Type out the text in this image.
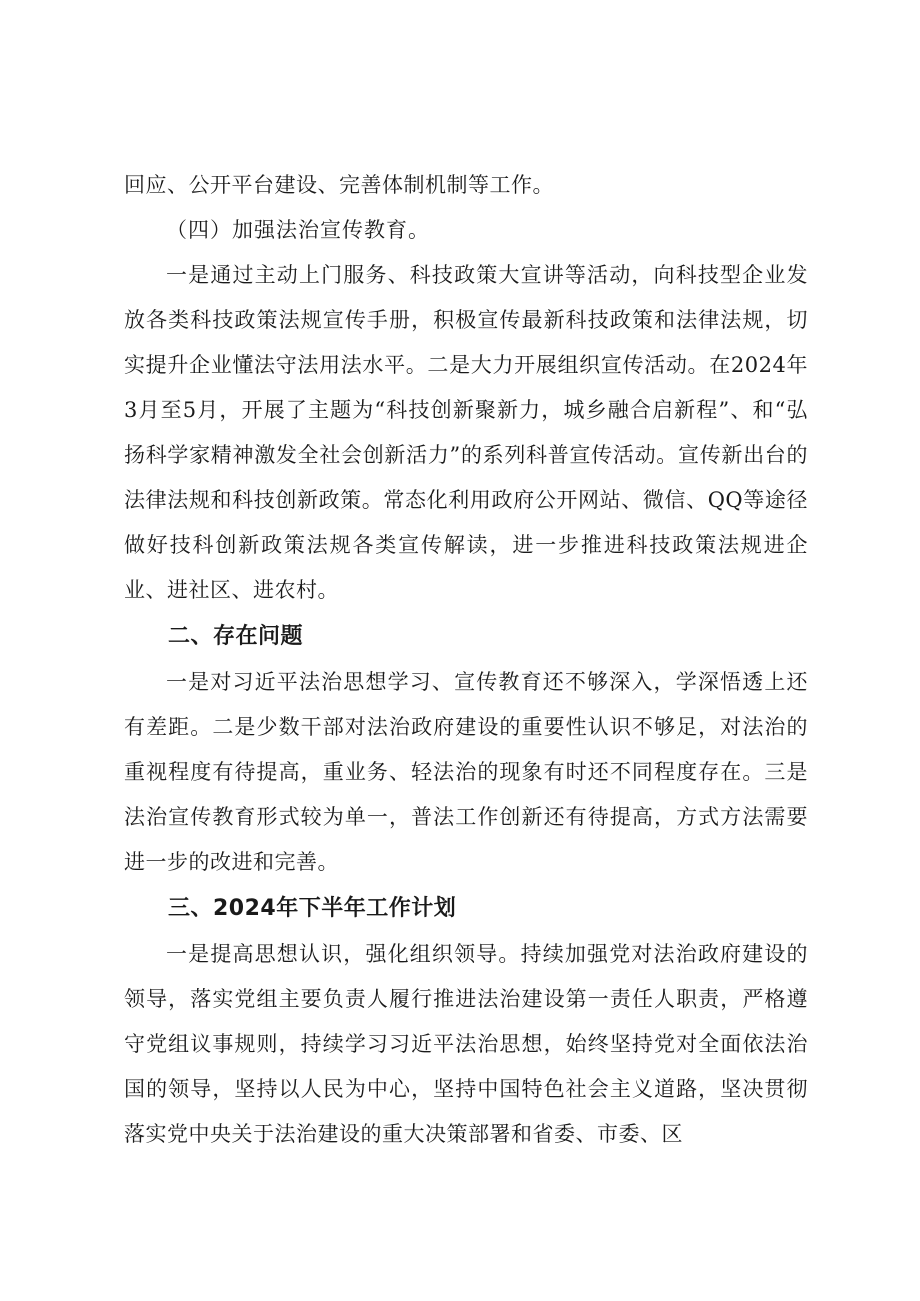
回应、公开平台建设、完善体制机制等工作。

（四）加强法治宣传教育。

一是通过主动上门服务、科技政策大宣讲等活动，向科技型企业发放各类科技政策法规宣传手册，积极宣传最新科技政策和法律法规，切实提升企业懂法守法用法水平。二是大力开展组织宣传活动。在2024年3月至5月，开展了主题为“科技创新聚新力，城乡融合启新程”、和“弘扬科学家精神激发全社会创新活力”的系列科普宣传活动。宣传新出台的法律法规和科技创新政策。常态化利用政府公开网站、微信、QQ等途径做好技科创新政策法规各类宣传解读，进一步推进科技政策法规进企业、进社区、进农村。

二、存在问题

一是对习近平法治思想学习、宣传教育还不够深入，学深悟透上还有差距。二是少数干部对法治政府建设的重要性认识不够足，对法治的重视程度有待提高，重业务、轻法治的现象有时还不同程度存在。三是法治宣传教育形式较为单一，普法工作创新还有待提高，方式方法需要进一步的改进和完善。

三、2024年下半年工作计划

一是提高思想认识，强化组织领导。持续加强党对法治政府建设的领导，落实党组主要负责人履行推进法治建设第一责任人职责，严格遵守党组议事规则，持续学习习近平法治思想，始终坚持党对全面依法治国的领导，坚持以人民为中心，坚持中国特色社会主义道路，坚决贯彻落实党中央关于法治建设的重大决策部署和省委、市委、区
